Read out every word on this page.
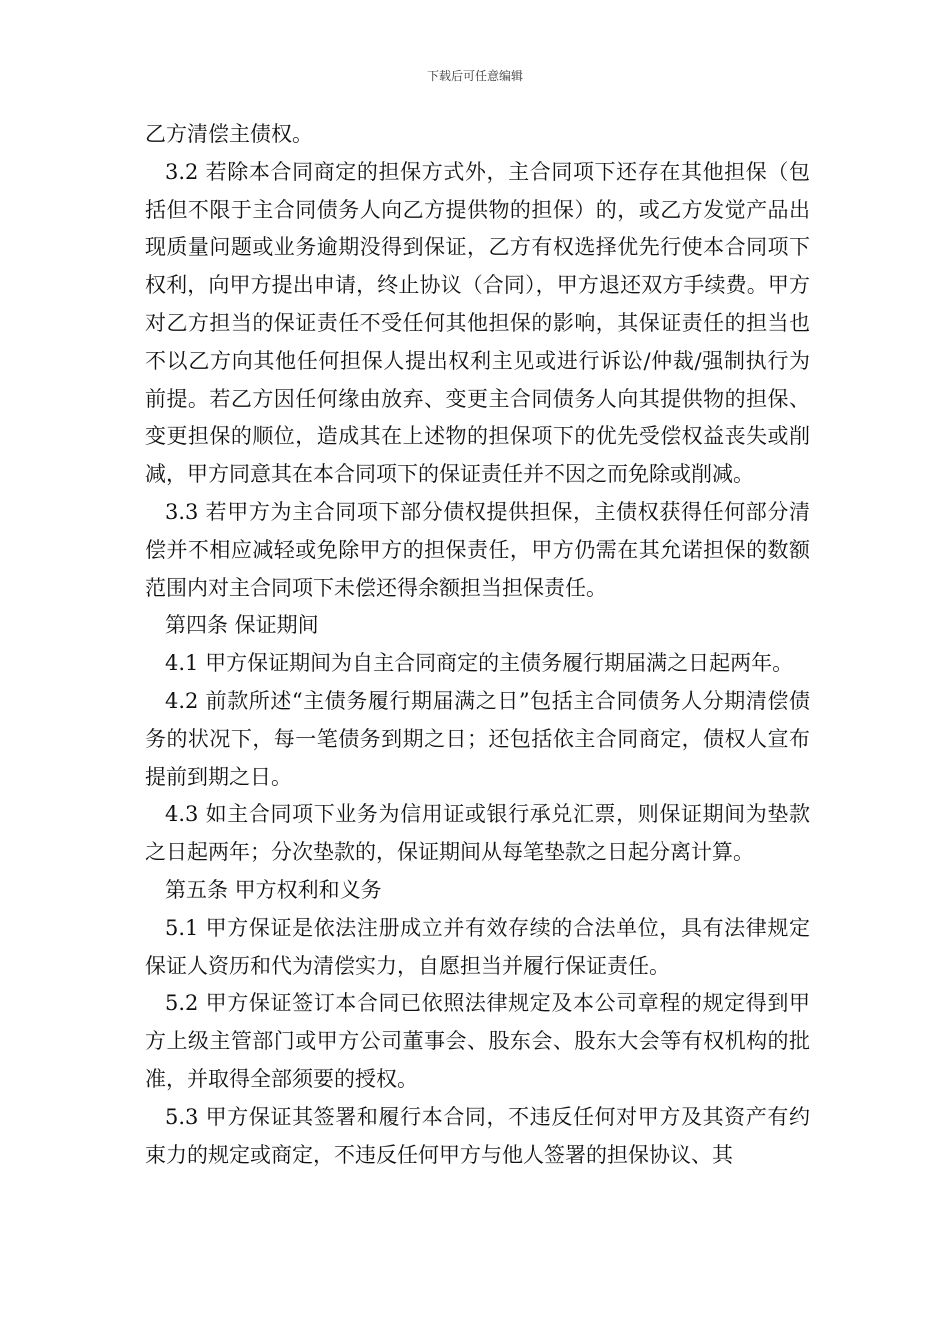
下载后可任意编辑

乙方清偿主债权。

3.2 若除本合同商定的担保方式外，主合同项下还存在其他担保（包括但不限于主合同债务人向乙方提供物的担保）的，或乙方发觉产品出现质量问题或业务逾期没得到保证，乙方有权选择优先行使本合同项下权利，向甲方提出申请，终止协议（合同），甲方退还双方手续费。甲方对乙方担当的保证责任不受任何其他担保的影响，其保证责任的担当也不以乙方向其他任何担保人提出权利主见或进行诉讼/仲裁/强制执行为前提。若乙方因任何缘由放弃、变更主合同债务人向其提供物的担保、变更担保的顺位，造成其在上述物的担保项下的优先受偿权益丧失或削减，甲方同意其在本合同项下的保证责任并不因之而免除或削减。

3.3 若甲方为主合同项下部分债权提供担保，主债权获得任何部分清偿并不相应减轻或免除甲方的担保责任，甲方仍需在其允诺担保的数额范围内对主合同项下未偿还得余额担当担保责任。

第四条 保证期间

4.1 甲方保证期间为自主合同商定的主债务履行期届满之日起两年。

4.2 前款所述“主债务履行期届满之日”包括主合同债务人分期清偿债务的状况下，每一笔债务到期之日；还包括依主合同商定，债权人宣布提前到期之日。

4.3 如主合同项下业务为信用证或银行承兑汇票，则保证期间为垫款之日起两年；分次垫款的，保证期间从每笔垫款之日起分离计算。

第五条 甲方权利和义务

5.1 甲方保证是依法注册成立并有效存续的合法单位，具有法律规定保证人资历和代为清偿实力，自愿担当并履行保证责任。

5.2 甲方保证签订本合同已依照法律规定及本公司章程的规定得到甲方上级主管部门或甲方公司董事会、股东会、股东大会等有权机构的批准，并取得全部须要的授权。

5.3 甲方保证其签署和履行本合同，不违反任何对甲方及其资产有约束力的规定或商定，不违反任何甲方与他人签署的担保协议、其
